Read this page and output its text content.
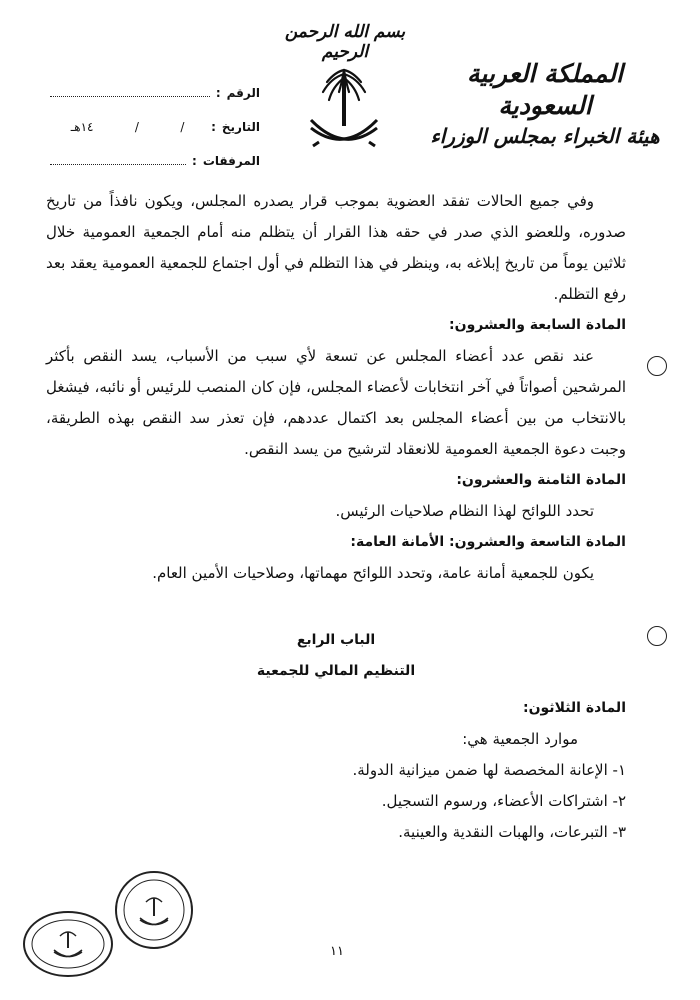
بسم الله الرحمن الرحيم
المملكة العربية السعودية
هيئة الخبراء بمجلس الوزراء
الرقم
:
التاريخ
:
/
/
١٤هـ
المرفقات
:

وفي جميع الحالات تفقد العضوية بموجب قرار يصدره المجلس، ويكون نافذاً من تاريخ صدوره، وللعضو الذي صدر في حقه هذا القرار أن يتظلم منه أمام الجمعية العمومية خلال ثلاثين يوماً من تاريخ إبلاغه به، وينظر في هذا التظلم في أول اجتماع للجمعية العمومية يعقد بعد رفع التظلم.

المادة السابعة والعشرون:

عند نقص عدد أعضاء المجلس عن تسعة لأي سبب من الأسباب، يسد النقص بأكثر المرشحين أصواتاً في آخر انتخابات لأعضاء المجلس، فإن كان المنصب للرئيس أو نائبه، فيشغل بالانتخاب من بين أعضاء المجلس بعد اكتمال عددهم، فإن تعذر سد النقص بهذه الطريقة، وجبت دعوة الجمعية العمومية للانعقاد لترشيح من يسد النقص.

المادة الثامنة والعشرون:

تحدد اللوائح لهذا النظام صلاحيات الرئيس.

المادة التاسعة والعشرون: الأمانة العامة:

يكون للجمعية أمانة عامة، وتحدد اللوائح مهماتها، وصلاحيات الأمين العام.

الباب الرابع

التنظيم المالي للجمعية

المادة الثلاثون:

موارد الجمعية هي:

١- الإعانة المخصصة لها ضمن ميزانية الدولة.

٢- اشتراكات الأعضاء، ورسوم التسجيل.

٣- التبرعات، والهبات النقدية والعينية.

١١
